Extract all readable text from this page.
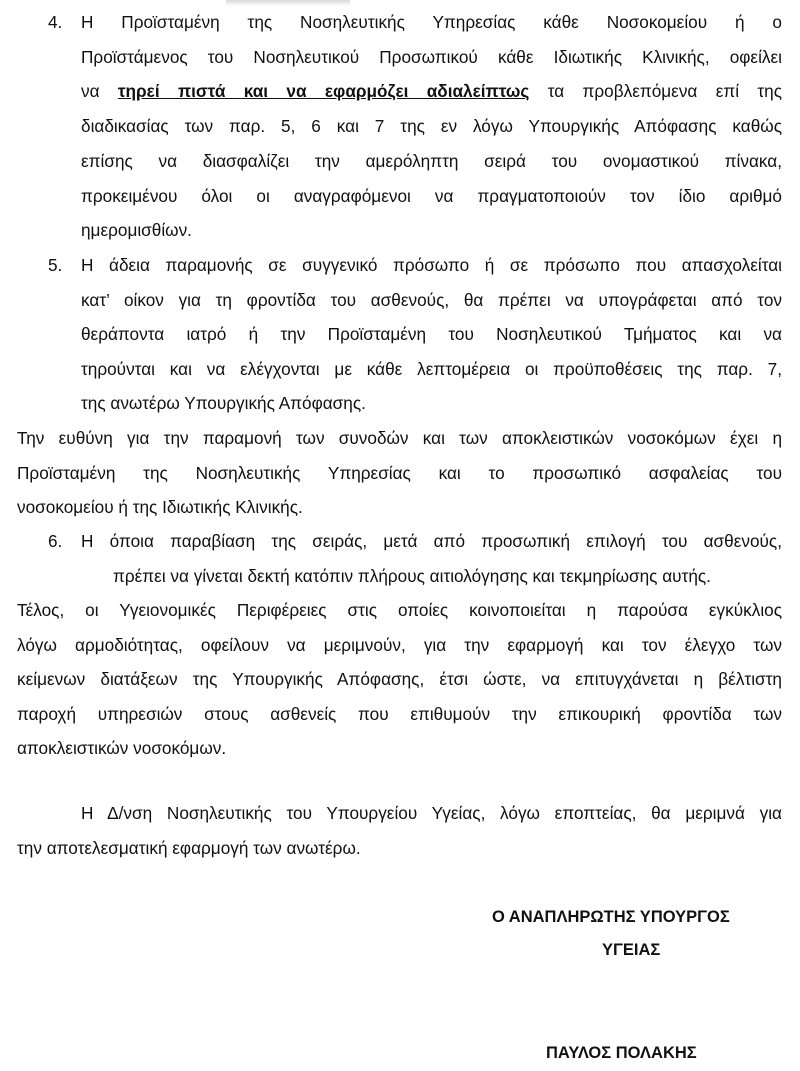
4. Η Προϊσταμένη της Νοσηλευτικής Υπηρεσίας κάθε Νοσοκομείου ή ο
Προϊστάμενος του Νοσηλευτικού Προσωπικού κάθε Ιδιωτικής Κλινικής, οφείλει
να τηρεί πιστά και να εφαρμόζει αδιαλείπτως τα προβλεπόμενα επί της
διαδικασίας των παρ. 5, 6 και 7 της εν λόγω Υπουργικής Απόφασης καθώς
επίσης να διασφαλίζει την αμερόληπτη σειρά του ονομαστικού πίνακα,
προκειμένου όλοι οι αναγραφόμενοι να πραγματοποιούν τον ίδιο αριθμό
ημερομισθίων.
5. Η άδεια παραμονής σε συγγενικό πρόσωπο ή σε πρόσωπο που απασχολείται
κατ’ οίκον για τη φροντίδα του ασθενούς, θα πρέπει να υπογράφεται από τον
θεράποντα ιατρό ή την Προϊσταμένη του Νοσηλευτικού Τμήματος και να
τηρούνται και να ελέγχονται με κάθε λεπτομέρεια οι προϋποθέσεις της παρ. 7,
της ανωτέρω Υπουργικής Απόφασης.
Την ευθύνη για την παραμονή των συνοδών και των αποκλειστικών νοσοκόμων έχει η
Προϊσταμένη της Νοσηλευτικής Υπηρεσίας και το προσωπικό ασφαλείας του
νοσοκομείου ή της Ιδιωτικής Κλινικής.
6. Η όποια παραβίαση της σειράς, μετά από προσωπική επιλογή του ασθενούς,
πρέπει να γίνεται δεκτή κατόπιν πλήρους αιτιολόγησης και τεκμηρίωσης αυτής.
Τέλος, οι Υγειονομικές Περιφέρειες στις οποίες κοινοποιείται η παρούσα εγκύκλιος
λόγω αρμοδιότητας, οφείλουν να μεριμνούν, για την εφαρμογή και τον έλεγχο των
κείμενων διατάξεων της Υπουργικής Απόφασης, έτσι ώστε, να επιτυγχάνεται η βέλτιστη
παροχή υπηρεσιών στους ασθενείς που επιθυμούν την επικουρική φροντίδα των
αποκλειστικών νοσοκόμων.
Η Δ/νση Νοσηλευτικής του Υπουργείου Υγείας, λόγω εποπτείας, θα μεριμνά για
την αποτελεσματική εφαρμογή των ανωτέρω.
Ο ΑΝΑΠΛΗΡΩΤΗΣ ΥΠΟΥΡΓΟΣ
ΥΓΕΙΑΣ
ΠΑΥΛΟΣ ΠΟΛΑΚΗΣ
